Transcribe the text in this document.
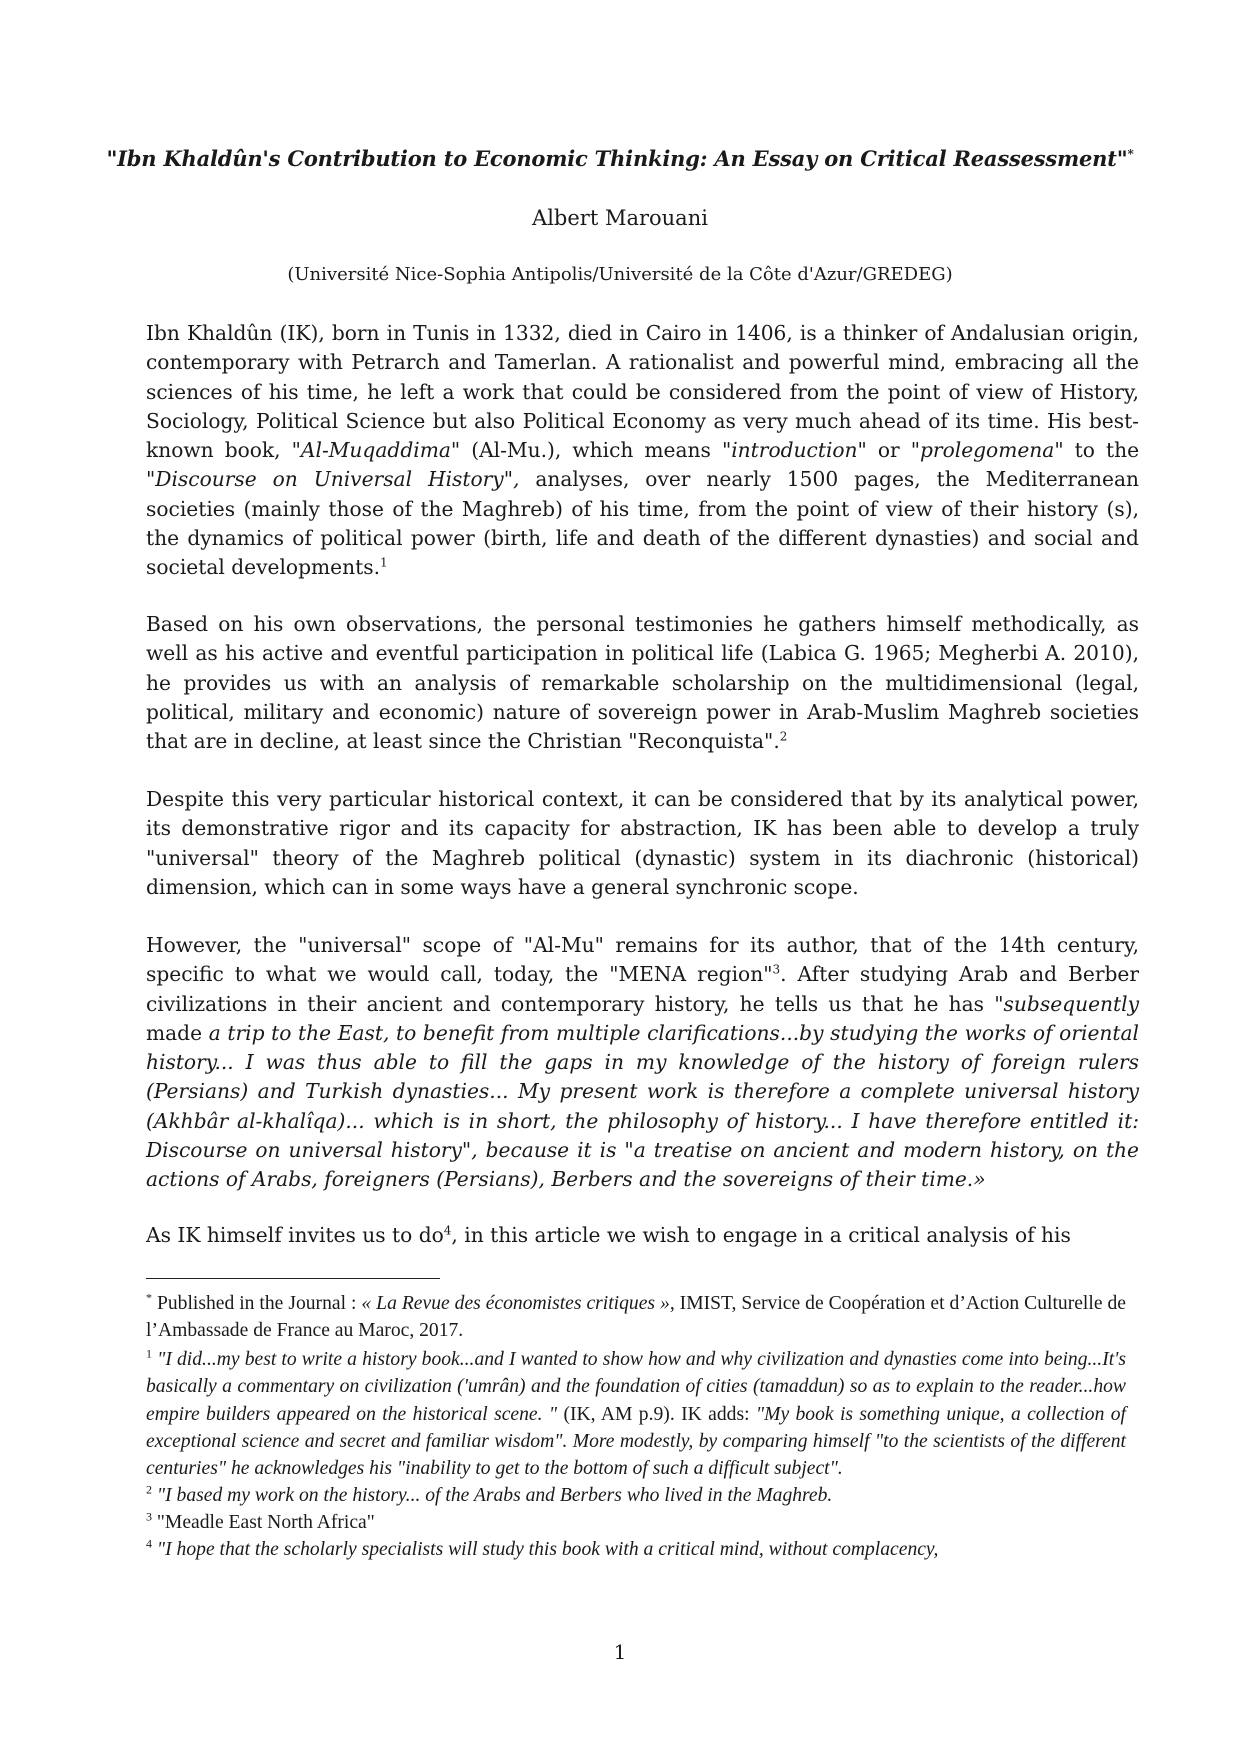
"Ibn Khaldûn's Contribution to Economic Thinking: An Essay on Critical Reassessment"*
Albert Marouani
(Université Nice-Sophia Antipolis/Université de la Côte d'Azur/GREDEG)
Ibn Khaldûn (IK), born in Tunis in 1332, died in Cairo in 1406, is a thinker of Andalusian origin, contemporary with Petrarch and Tamerlan. A rationalist and powerful mind, embracing all the sciences of his time, he left a work that could be considered from the point of view of History, Sociology, Political Science but also Political Economy as very much ahead of its time. His best-known book, "Al-Muqaddima" (Al-Mu.), which means "introduction" or "prolegomena" to the "Discourse on Universal History", analyses, over nearly 1500 pages, the Mediterranean societies (mainly those of the Maghreb) of his time, from the point of view of their history (s), the dynamics of political power (birth, life and death of the different dynasties) and social and societal developments.$^1$
Based on his own observations, the personal testimonies he gathers himself methodically, as well as his active and eventful participation in political life (Labica G. 1965; Megherbi A. 2010), he provides us with an analysis of remarkable scholarship on the multidimensional (legal, political, military and economic) nature of sovereign power in Arab-Muslim Maghreb societies that are in decline, at least since the Christian "Reconquista".$^2$
Despite this very particular historical context, it can be considered that by its analytical power, its demonstrative rigor and its capacity for abstraction, IK has been able to develop a truly "universal" theory of the Maghreb political (dynastic) system in its diachronic (historical) dimension, which can in some ways have a general synchronic scope.
However, the "universal" scope of "Al-Mu" remains for its author, that of the 14th century, specific to what we would call, today, the "MENA region"$^3$. After studying Arab and Berber civilizations in their ancient and contemporary history, he tells us that he has "subsequently made a trip to the East, to benefit from multiple clarifications...by studying the works of oriental history... I was thus able to fill the gaps in my knowledge of the history of foreign rulers (Persians) and Turkish dynasties... My present work is therefore a complete universal history (Akhbâr al-khalîqa)... which is in short, the philosophy of history... I have therefore entitled it: Discourse on universal history", because it is "a treatise on ancient and modern history, on the actions of Arabs, foreigners (Persians), Berbers and the sovereigns of their time.»
As IK himself invites us to $do^4$, in this article we wish to engage in a critical analysis of his
* Published in the Journal : « La Revue des économistes critiques », IMIST, Service de Coopération et d’Action Culturelle de l’Ambassade de France au Maroc, 2017.
$^1$ "I did...my best to write a history book...and I wanted to show how and why civilization and dynasties come into being...It's basically a commentary on civilization ('umrân) and the foundation of cities (tamaddun) so as to explain to the reader...how empire builders appeared on the historical scene. " (IK, AM p.9). IK adds: "My book is something unique, a collection of exceptional science and secret and familiar wisdom". More modestly, by comparing himself "to the scientists of the different centuries" he acknowledges his "inability to get to the bottom of such a difficult subject".
$^2$ "I based my work on the history... of the Arabs and Berbers who lived in the Maghreb.
$^3$ "Meadle East North Africa"
$^4$ "I hope that the scholarly specialists will study this book with a critical mind, without complacency,
1
